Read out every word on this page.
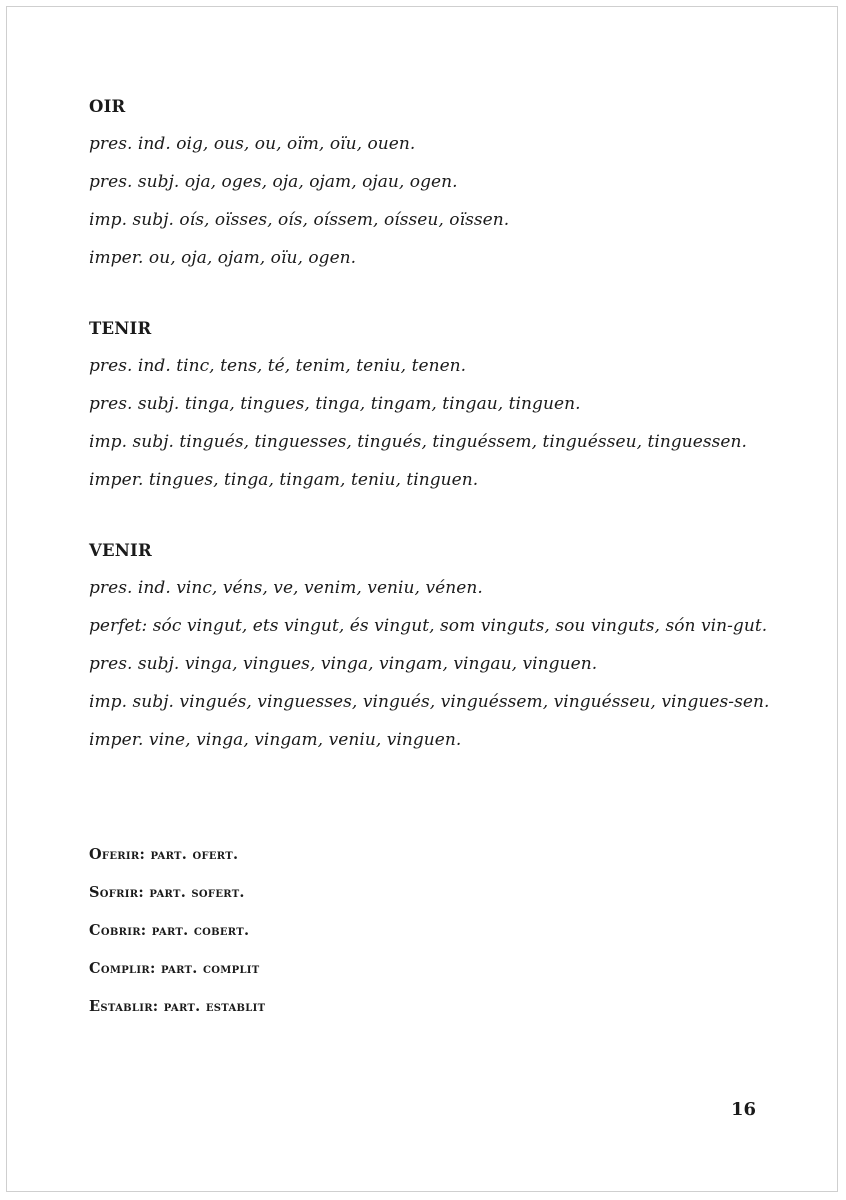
OIR
pres. ind. oig, ous, ou, oïm, oïu, ouen.
pres. subj. oja, oges, oja, ojam, ojau, ogen.
imp. subj. oís, oïsses, oís, oíssem, oísseu, oïssen.
imper. ou, oja, ojam, oïu, ogen.
TENIR
pres. ind. tinc, tens, té, tenim, teniu, tenen.
pres. subj. tinga, tingues, tinga, tingam, tingau, tinguen.
imp. subj. tingués, tinguesses, tingués, tinguéssem, tinguésseu, tinguessen.
imper. tingues, tinga, tingam, teniu, tinguen.
VENIR
pres. ind. vinc, véns, ve, venim, veniu, vénen.
perfet: sóc vingut, ets vingut, és vingut, som vinguts, sou vinguts, són vin-gut.
pres. subj. vinga, vingues, vinga, vingam, vingau, vinguen.
imp. subj. vingués, vinguesses, vingués, vinguéssem, vinguésseu, vingues-sen.
imper. vine, vinga, vingam, veniu, vinguen.
Oferir: part. ofert.
Sofrir: part. sofert.
Cobrir: part. cobert.
Complir: part. complit
Establir: part. establit
16
